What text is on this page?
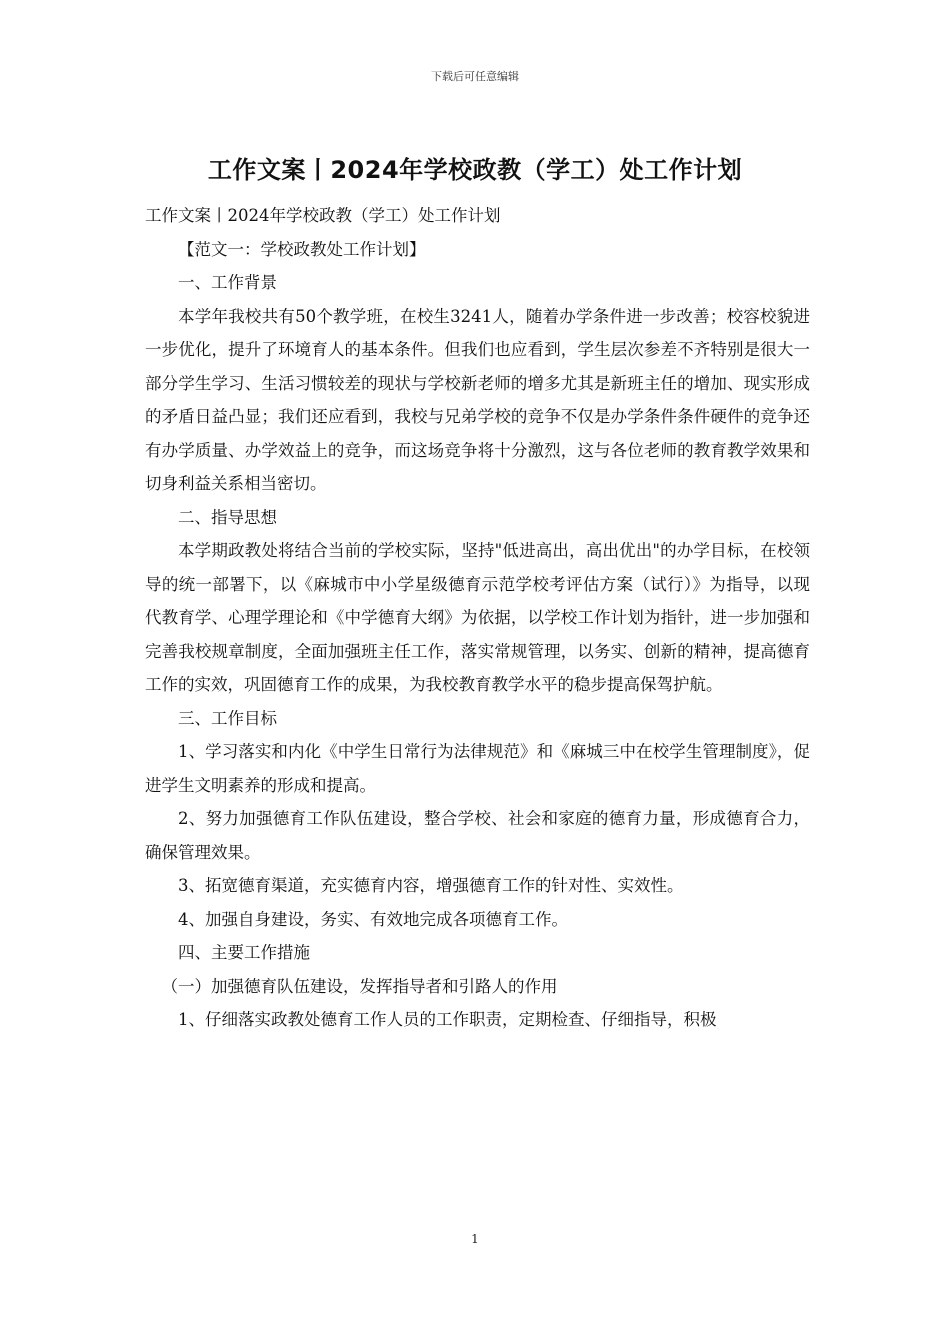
下载后可任意编辑
工作文案丨2024年学校政教（学工）处工作计划

工作文案丨2024年学校政教（学工）处工作计划

【范文一：学校政教处工作计划】

一、工作背景

本学年我校共有50个教学班，在校生3241人，随着办学条件进一步改善；校容校貌进一步优化，提升了环境育人的基本条件。但我们也应看到，学生层次参差不齐特别是很大一部分学生学习、生活习惯较差的现状与学校新老师的增多尤其是新班主任的增加、现实形成的矛盾日益凸显；我们还应看到，我校与兄弟学校的竞争不仅是办学条件条件硬件的竞争还有办学质量、办学效益上的竞争，而这场竞争将十分激烈，这与各位老师的教育教学效果和切身利益关系相当密切。

二、指导思想

本学期政教处将结合当前的学校实际，坚持"低进高出，高出优出"的办学目标，在校领导的统一部署下，以《麻城市中小学星级德育示范学校考评估方案（试行）》为指导，以现代教育学、心理学理论和《中学德育大纲》为依据，以学校工作计划为指针，进一步加强和完善我校规章制度，全面加强班主任工作，落实常规管理，以务实、创新的精神，提高德育工作的实效，巩固德育工作的成果，为我校教育教学水平的稳步提高保驾护航。

三、工作目标

1、学习落实和内化《中学生日常行为法律规范》和《麻城三中在校学生管理制度》，促进学生文明素养的形成和提高。

2、努力加强德育工作队伍建设，整合学校、社会和家庭的德育力量，形成德育合力，确保管理效果。

3、拓宽德育渠道，充实德育内容，增强德育工作的针对性、实效性。

4、加强自身建设，务实、有效地完成各项德育工作。

四、主要工作措施

（一）加强德育队伍建设，发挥指导者和引路人的作用

1、仔细落实政教处德育工作人员的工作职责，定期检查、仔细指导，积极

1
